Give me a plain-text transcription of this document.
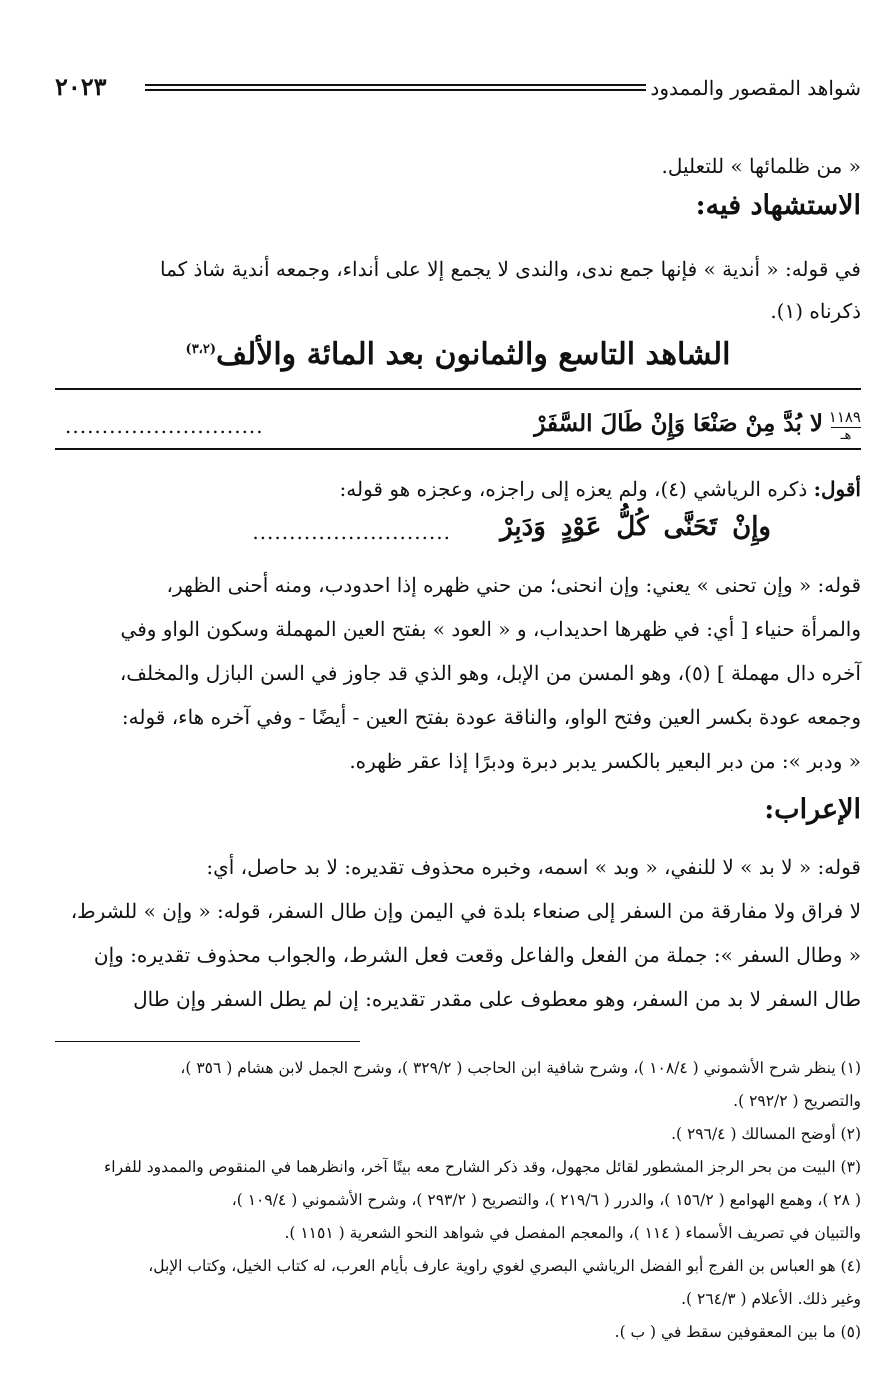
شواهد المقصور والممدود
٢٠٢٣
« من ظلمائها » للتعليل.
الاستشهاد فيه:
في قوله: « أندية » فإنها جمع ندى، والندى لا يجمع إلا على أنداء، وجمعه أندية شاذ كما
ذكرناه (١).
الشاهد التاسع والثمانون بعد المائة والألف$^{(٣،٢)}$
١١٨٩
هـ
لا بُدَّ مِنْ صَنْعَا وَإِنْ طَالَ السَّفَرْ
...........................
أقول: ذكره الرياشي (٤)، ولم يعزه إلى راجزه، وعجزه هو قوله:
وإِنْ تَحَنَّى كُلُّ عَوْدٍ وَدَبِرْ
...........................
قوله: « وإن تحنى » يعني: وإن انحنى؛ من حني ظهره إذا احدودب، ومنه أحنى الظهر،
والمرأة حنياء [ أي: في ظهرها احديداب، و « العود » بفتح العين المهملة وسكون الواو وفي
آخره دال مهملة ] (٥)، وهو المسن من الإبل، وهو الذي قد جاوز في السن البازل والمخلف،
وجمعه عودة بكسر العين وفتح الواو، والناقة عودة بفتح العين - أيضًا - وفي آخره هاء، قوله:
« ودبر »: من دبر البعير بالكسر يدبر دبرة ودبرًا إذا عقر ظهره.
الإعراب:
قوله: « لا بد » لا للنفي، « وبد » اسمه، وخبره محذوف تقديره: لا بد حاصل، أي:
لا فراق ولا مفارقة من السفر إلى صنعاء بلدة في اليمن وإن طال السفر، قوله: « وإن » للشرط،
« وطال السفر »: جملة من الفعل والفاعل وقعت فعل الشرط، والجواب محذوف تقديره: وإن
طال السفر لا بد من السفر، وهو معطوف على مقدر تقديره: إن لم يطل السفر وإن طال

(١) ينظر شرح الأشموني ( ١٠٨/٤ )، وشرح شافية ابن الحاجب ( ٣٢٩/٢ )، وشرح الجمل لابن هشام ( ٣٥٦ )،

والتصريح ( ٢٩٢/٢ ).

(٢) أوضح المسالك ( ٢٩٦/٤ ).

(٣) البيت من بحر الرجز المشطور لقائل مجهول، وقد ذكر الشارح معه بيتًا آخر، وانظرهما في المنقوص والممدود للفراء

( ٢٨ )، وهمع الهوامع ( ١٥٦/٢ )، والدرر ( ٢١٩/٦ )، والتصريح ( ٢٩٣/٢ )، وشرح الأشموني ( ١٠٩/٤ )،

والتبيان في تصريف الأسماء ( ١١٤ )، والمعجم المفصل في شواهد النحو الشعرية ( ١١٥١ ).

(٤) هو العباس بن الفرج أبو الفضل الرياشي البصري لغوي راوية عارف بأيام العرب، له كتاب الخيل، وكتاب الإبل،

وغير ذلك. الأعلام ( ٢٦٤/٣ ).

(٥) ما بين المعقوفين سقط في ( ب ).
